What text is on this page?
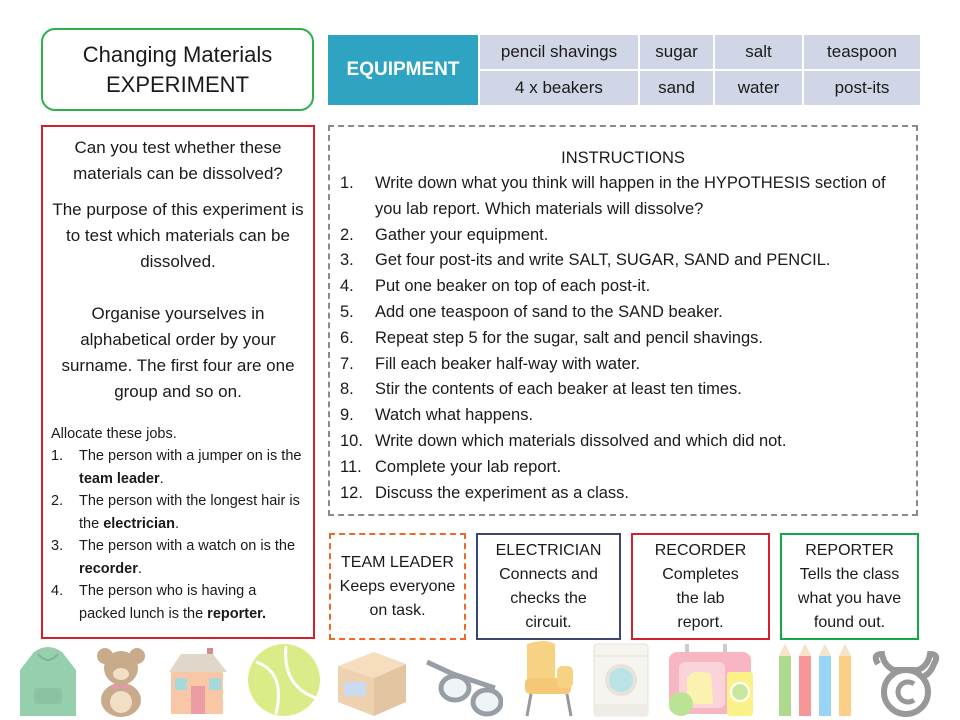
Changing Materials
EXPERIMENT
EQUIPMENT
pencil shavings	sugar	salt	teaspoon
4 x beakers	sand	water	post-its

Can you test whether these materials can be dissolved?

The purpose of this experiment is to test which materials can be dissolved.

Organise yourselves in alphabetical order by your surname. The first four are one group and so on.

Allocate these jobs.
1.	The person with a jumper on is the  team leader.
2.	The person with the longest hair is the electrician.
3.	The person with a watch on is the recorder.
4.	The person who is having a packed lunch is the reporter.
INSTRUCTIONS
1.	Write down what you think will happen in the HYPOTHESIS section of you lab report. Which materials will dissolve?
2.	Gather your equipment.
3.	Get four post-its and write SALT, SUGAR, SAND and PENCIL.
4.	Put one beaker on top of each post-it.
5.	Add one teaspoon of sand to the SAND beaker.
6.	Repeat step 5 for the sugar, salt and pencil shavings.
7.	Fill each beaker half-way with water.
8.	Stir the contents of each beaker at least ten times.
9.	Watch what happens.
10. Write down which materials dissolved and which did not.
11. Complete your lab report.
12. Discuss the experiment as a class.
TEAM LEADER
Keeps everyone on task.
ELECTRICIAN
Connects and checks the circuit.
RECORDER
Completes the lab report.
REPORTER
Tells the class what you have found out.
